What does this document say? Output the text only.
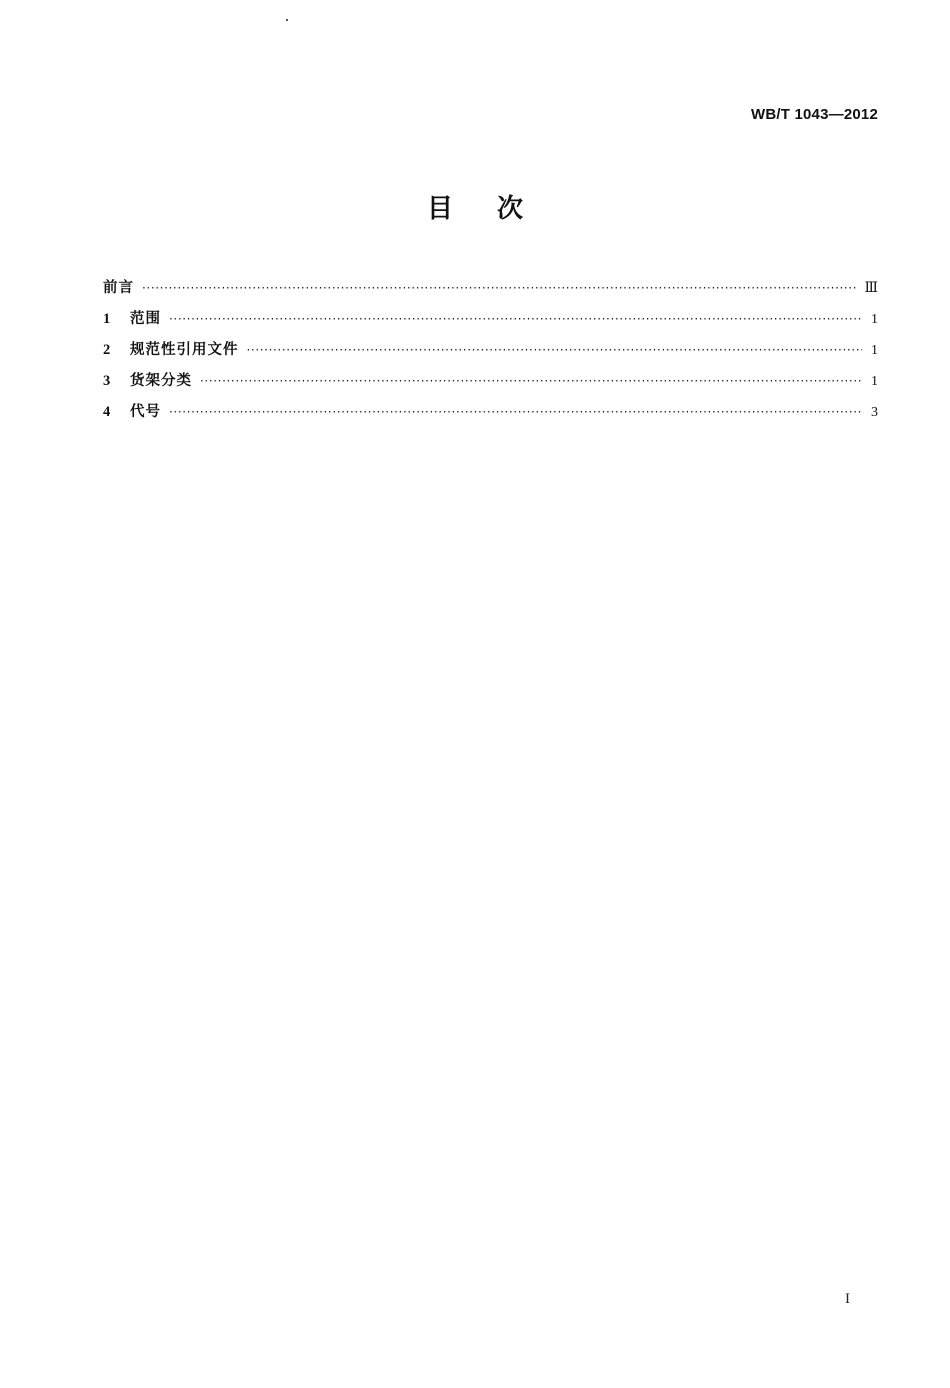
WB/T 1043—2012
目次
前言 ·····	Ⅲ
1	范围 ·····	1
2	规范性引用文件 ·····	1
3	货架分类 ·····	1
4	代号 ·····	3
I
